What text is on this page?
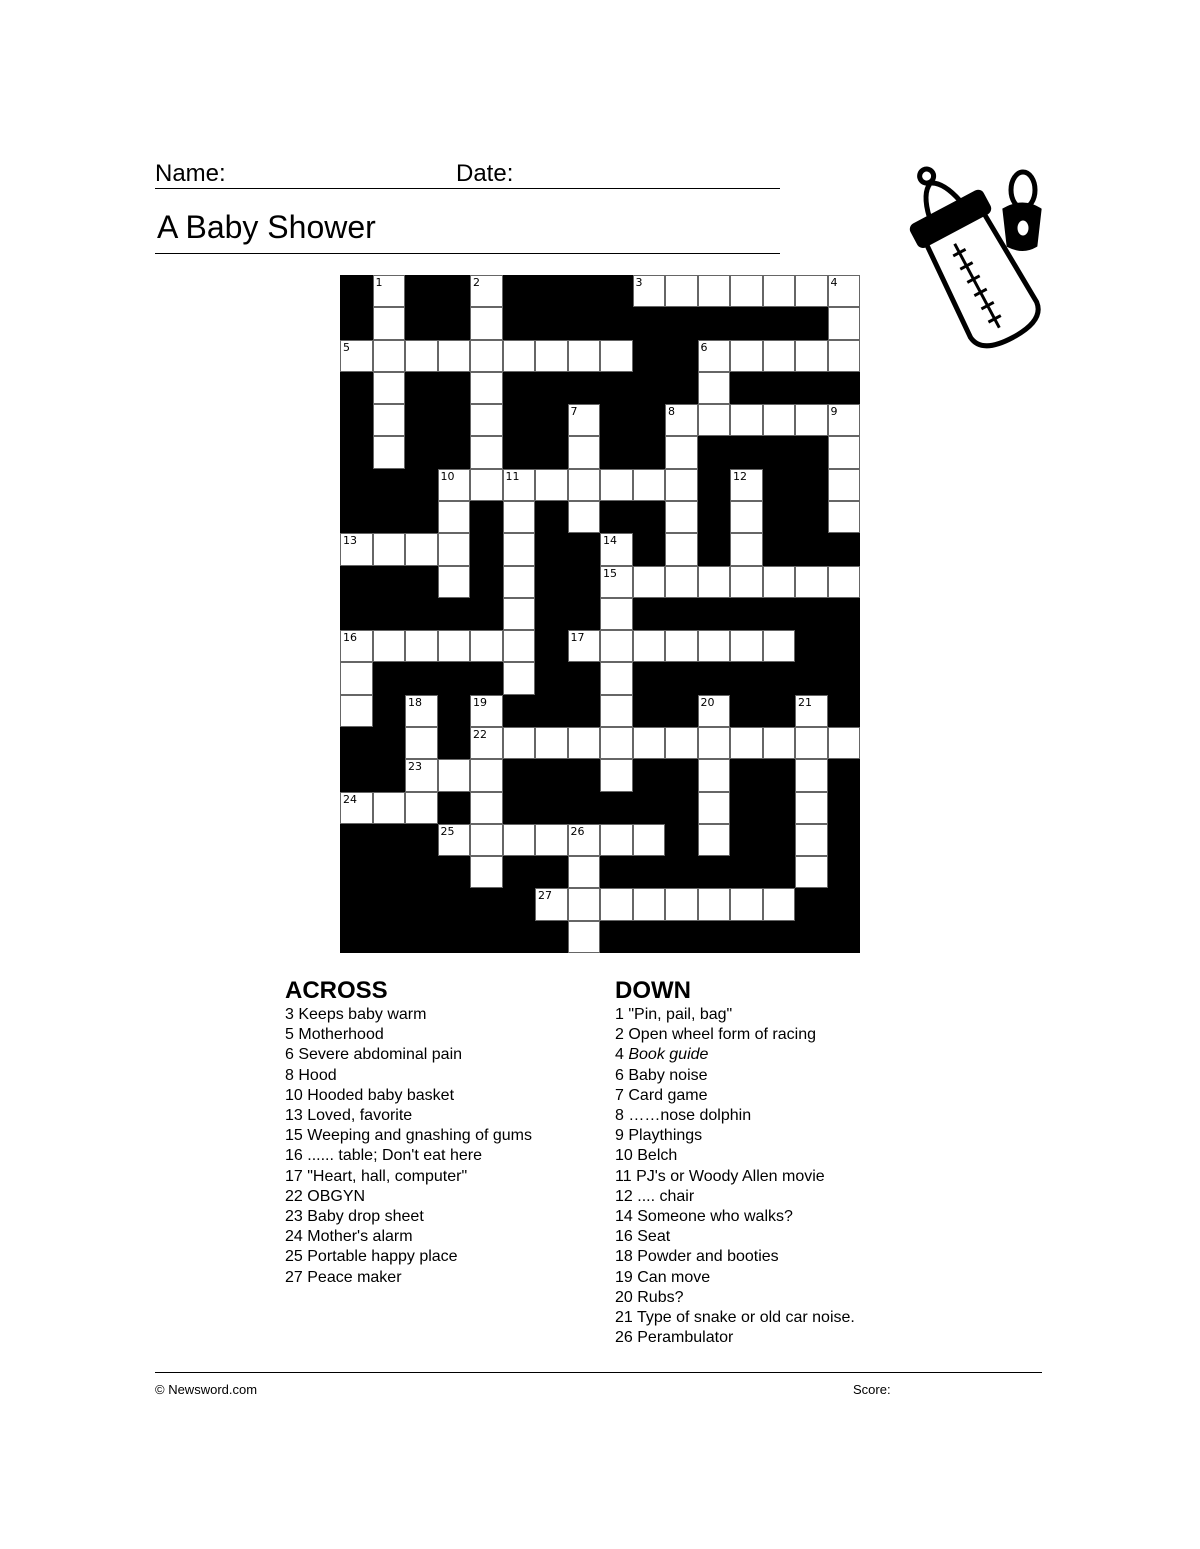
Name:	Date:
A Baby Shower
1	2	3	4
5	6
7	8	9
10	11	12
13	14
15
16	17
18	19	20	21
22
23
24
25	26
27
ACROSS
3 Keeps baby warm
5 Motherhood
6 Severe abdominal pain
8 Hood
10 Hooded baby basket
13 Loved, favorite
15 Weeping and gnashing of gums
16 ...... table; Don't eat here
17 "Heart, hall, computer"
22 OBGYN
23 Baby drop sheet
24 Mother's alarm
25 Portable happy place
27 Peace maker
DOWN
1 "Pin, pail, bag"
2 Open wheel form of racing
4 Book guide
6 Baby noise
7 Card game
8 ……nose dolphin
9 Playthings
10 Belch
11 PJ's or Woody Allen movie
12 .... chair
14 Someone who walks?
16 Seat
18 Powder and booties
19 Can move
20 Rubs?
21 Type of snake or old car noise.
26 Perambulator
© Newsword.com	Score:
